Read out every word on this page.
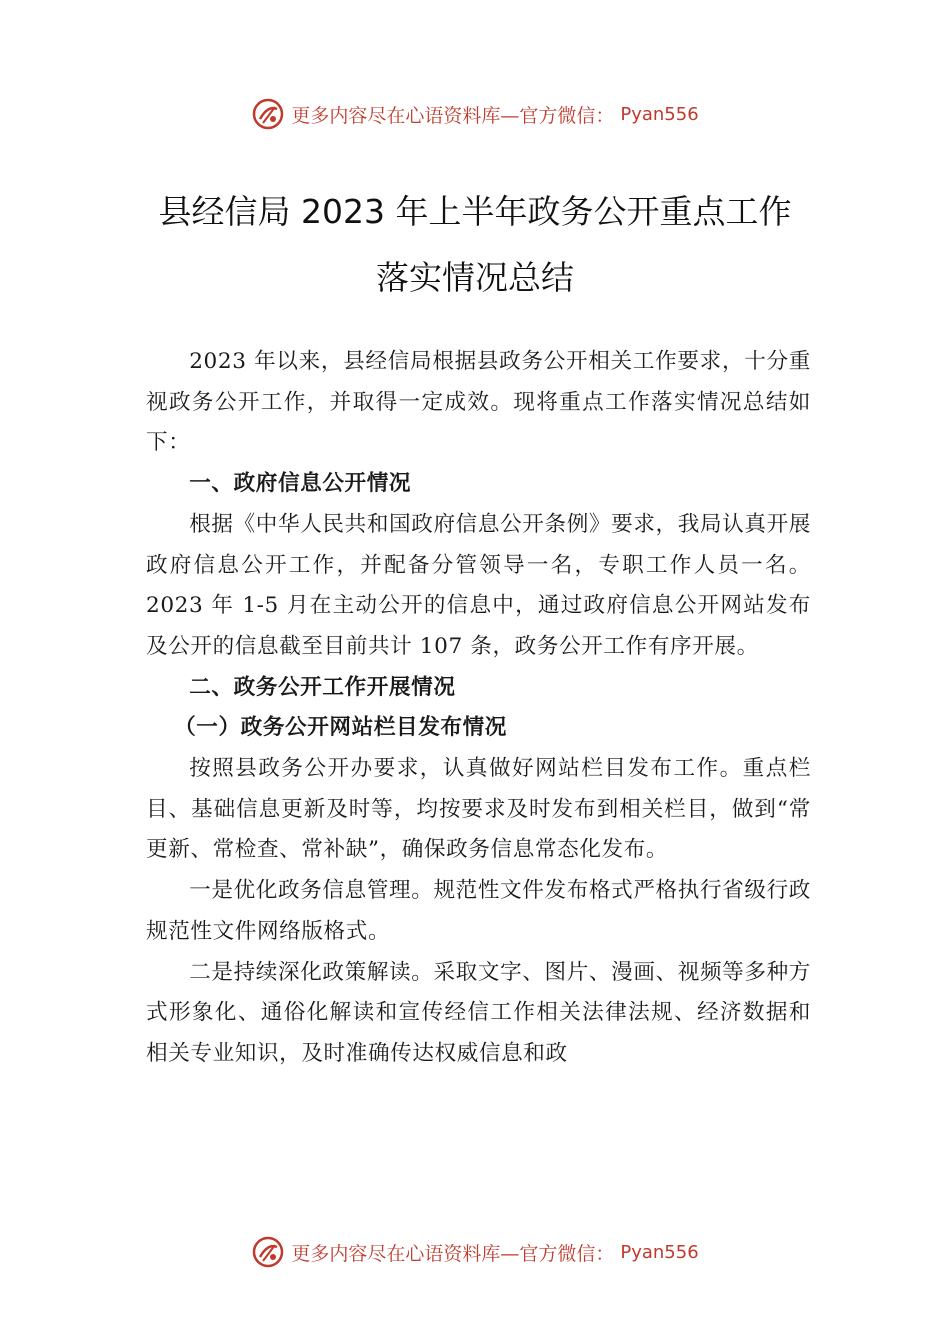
更多内容尽在心语资料库—官方微信： Pyan556
县经信局 2023 年上半年政务公开重点工作
落实情况总结

2023 年以来，县经信局根据县政务公开相关工作要求，十分重视政务公开工作，并取得一定成效。现将重点工作落实情况总结如下：

一、政府信息公开情况

根据《中华人民共和国政府信息公开条例》要求，我局认真开展政府信息公开工作，并配备分管领导一名，专职工作人员一名。2023 年 1-5 月在主动公开的信息中，通过政府信息公开网站发布及公开的信息截至目前共计 107 条，政务公开工作有序开展。

二、政务公开工作开展情况
（一）政务公开网站栏目发布情况

按照县政务公开办要求，认真做好网站栏目发布工作。重点栏目、基础信息更新及时等，均按要求及时发布到相关栏目，做到“常更新、常检查、常补缺”，确保政务信息常态化发布。

一是优化政务信息管理。规范性文件发布格式严格执行省级行政规范性文件网络版格式。

二是持续深化政策解读。采取文字、图片、漫画、视频等多种方式形象化、通俗化解读和宣传经信工作相关法律法规、经济数据和相关专业知识，及时准确传达权威信息和政

更多内容尽在心语资料库—官方微信： Pyan556
